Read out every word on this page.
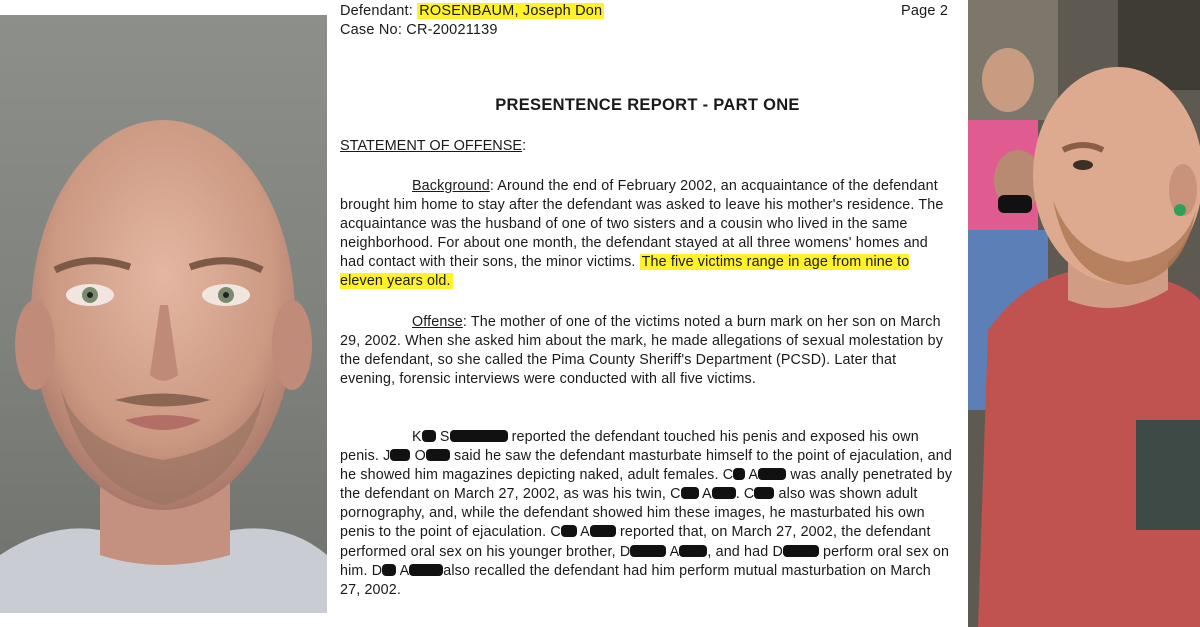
Defendant: ROSENBAUM, Joseph Don	Page 2
Case No: CR-20021139
PRESENTENCE REPORT - PART ONE
STATEMENT OF OFFENSE:
Background: Around the end of February 2002, an acquaintance of the defendant brought him home to stay after the defendant was asked to leave his mother's residence. The acquaintance was the husband of one of two sisters and a cousin who lived in the same neighborhood. For about one month, the defendant stayed at all three womens' homes and had contact with their sons, the minor victims. The five victims range in age from nine to eleven years old.
Offense: The mother of one of the victims noted a burn mark on her son on March 29, 2002. When she asked him about the mark, he made allegations of sexual molestation by the defendant, so she called the Pima County Sheriff's Department (PCSD). Later that evening, forensic interviews were conducted with all five victims.
K S	reported the defendant touched his penis and exposed his own penis. J O said he saw the defendant masturbate himself to the point of ejaculation, and he showed him magazines depicting naked, adult females. C A was anally penetrated by the defendant on March 27, 2002, as was his twin, C A . C also was shown adult pornography, and, while the defendant showed him these images, he masturbated his own penis to the point of ejaculation. C A reported that, on March 27, 2002, the defendant performed oral sex on his younger brother, D	A , and had D	perform oral sex on him. D A also recalled the defendant had him perform mutual masturbation on March 27, 2002.
